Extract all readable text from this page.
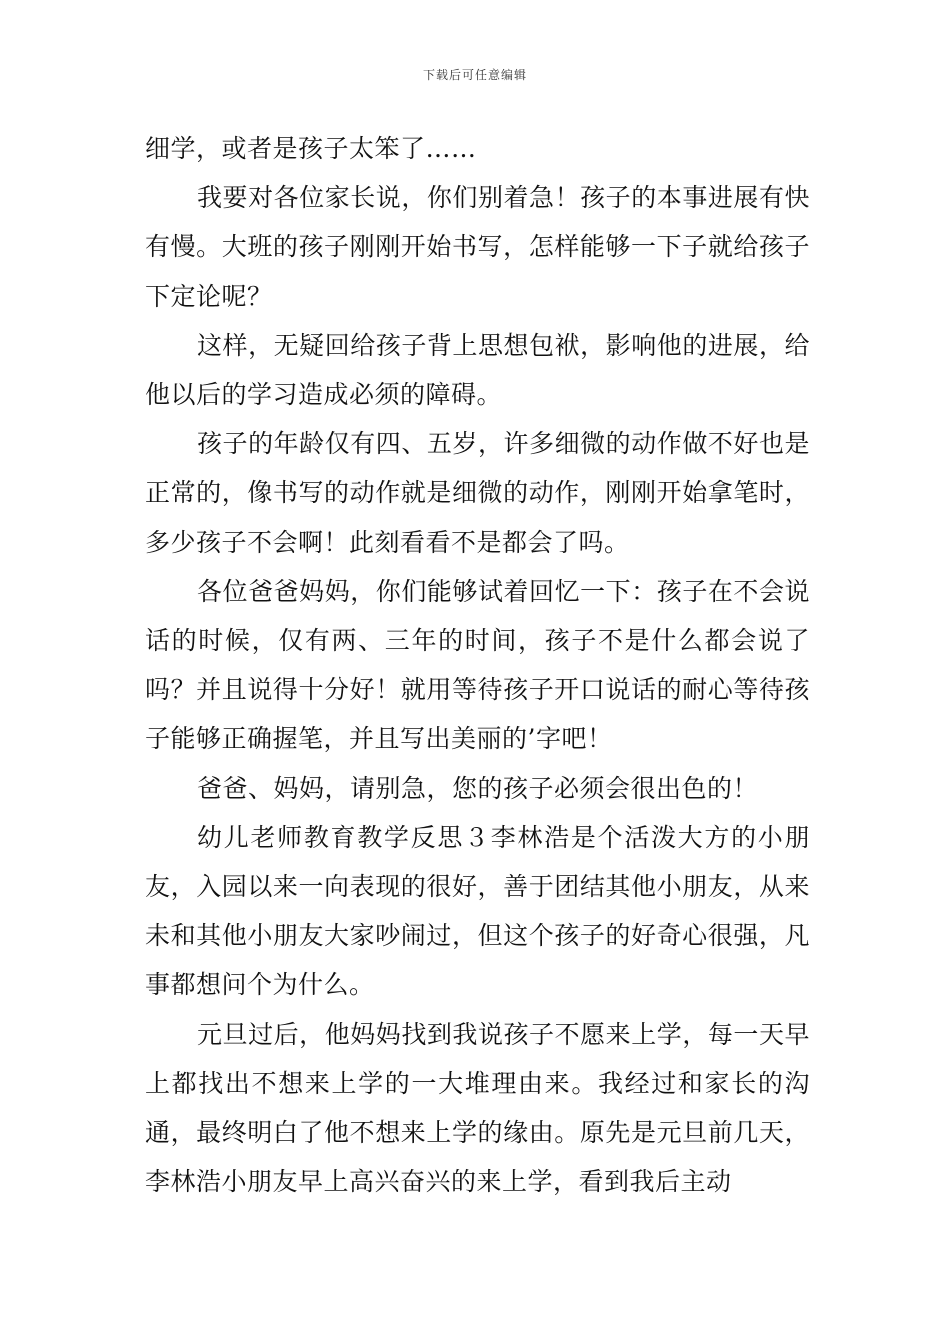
下载后可任意编辑

细学，或者是孩子太笨了……

我要对各位家长说，你们别着急！孩子的本事进展有快有慢。大班的孩子刚刚开始书写，怎样能够一下子就给孩子下定论呢？

这样，无疑回给孩子背上思想包袱，影响他的进展，给他以后的学习造成必须的障碍。

孩子的年龄仅有四、五岁，许多细微的动作做不好也是正常的，像书写的动作就是细微的动作，刚刚开始拿笔时，多少孩子不会啊！此刻看看不是都会了吗。

各位爸爸妈妈，你们能够试着回忆一下：孩子在不会说话的时候，仅有两、三年的时间，孩子不是什么都会说了吗？并且说得十分好！就用等待孩子开口说话的耐心等待孩子能够正确握笔，并且写出美丽的’字吧！

爸爸、妈妈，请别急，您的孩子必须会很出色的！

幼儿老师教育教学反思３李林浩是个活泼大方的小朋友，入园以来一向表现的很好，善于团结其他小朋友，从来未和其他小朋友大家吵闹过，但这个孩子的好奇心很强，凡事都想问个为什么。

元旦过后，他妈妈找到我说孩子不愿来上学，每一天早上都找出不想来上学的一大堆理由来。我经过和家长的沟通，最终明白了他不想来上学的缘由。原先是元旦前几天，李林浩小朋友早上高兴奋兴的来上学，看到我后主动
